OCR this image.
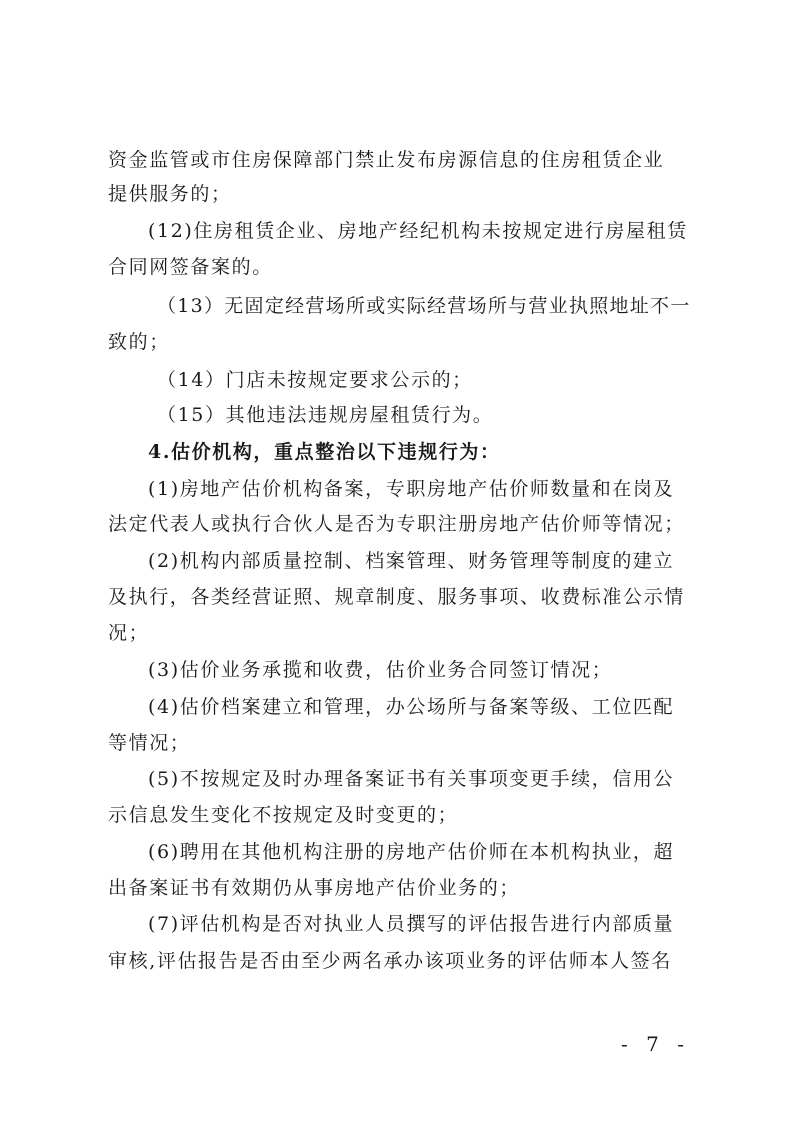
资金监管或市住房保障部门禁止发布房源信息的住房租赁企业
提供服务的；
(12)住房租赁企业、房地产经纪机构未按规定进行房屋租赁
合同网签备案的。
（13）无固定经营场所或实际经营场所与营业执照地址不一
致的；
（14）门店未按规定要求公示的；
（15）其他违法违规房屋租赁行为。
4.估价机构，重点整治以下违规行为：
(1)房地产估价机构备案，专职房地产估价师数量和在岗及
法定代表人或执行合伙人是否为专职注册房地产估价师等情况；
(2)机构内部质量控制、档案管理、财务管理等制度的建立
及执行，各类经营证照、规章制度、服务事项、收费标准公示情
况；
(3)估价业务承揽和收费，估价业务合同签订情况；
(4)估价档案建立和管理，办公场所与备案等级、工位匹配
等情况；
(5)不按规定及时办理备案证书有关事项变更手续，信用公
示信息发生变化不按规定及时变更的；
(6)聘用在其他机构注册的房地产估价师在本机构执业，超
出备案证书有效期仍从事房地产估价业务的；
(7)评估机构是否对执业人员撰写的评估报告进行内部质量
审核,评估报告是否由至少两名承办该项业务的评估师本人签名
- 7 -
